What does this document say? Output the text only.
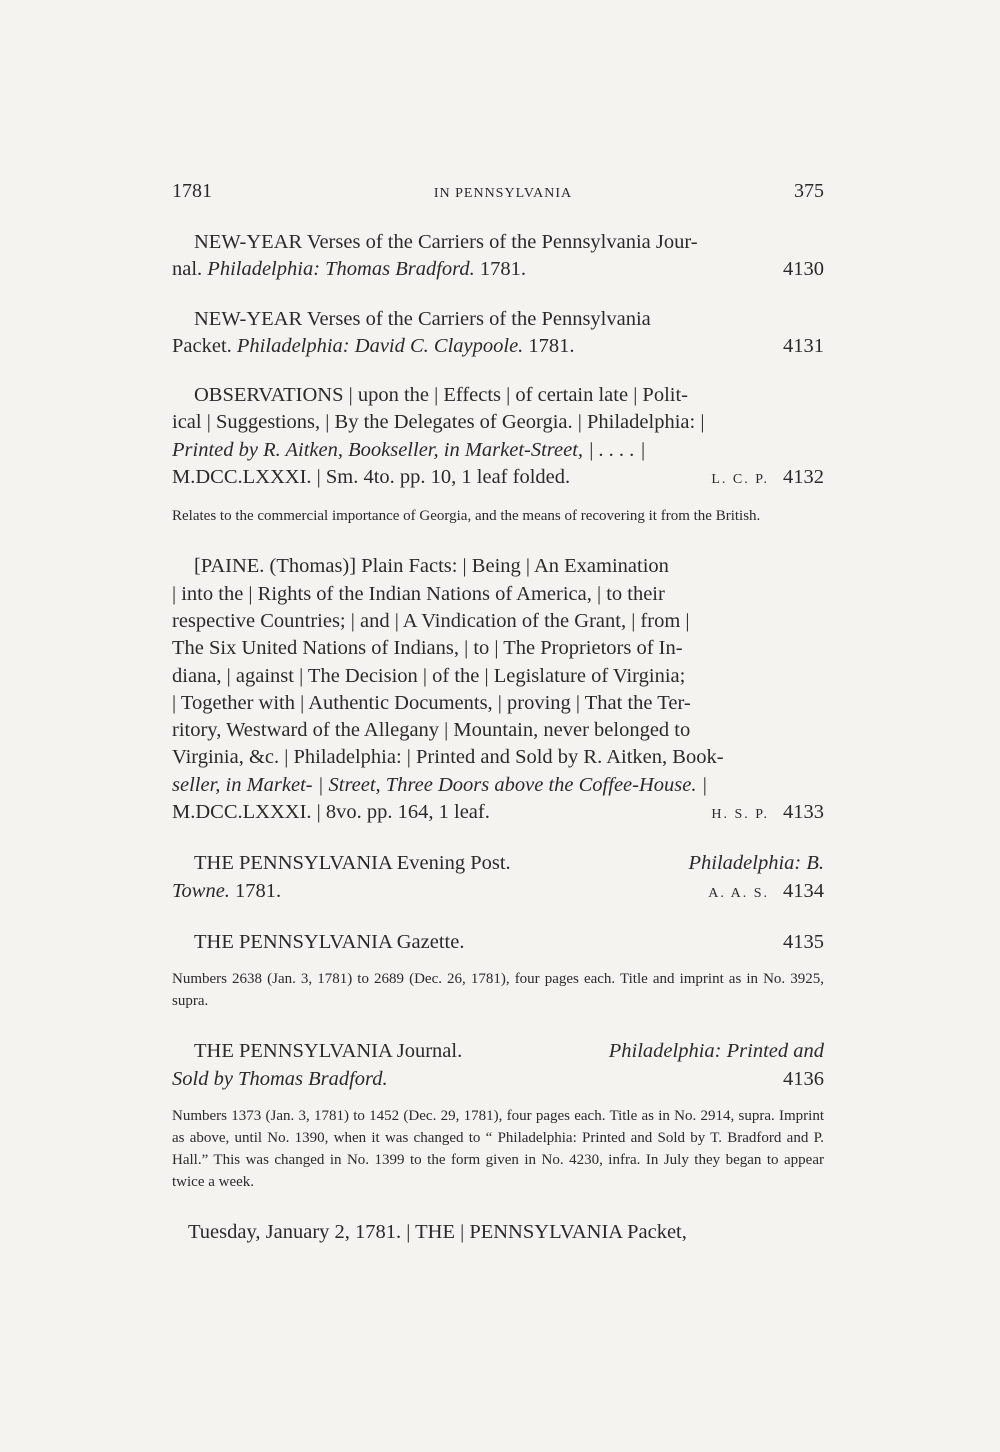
1781	IN PENNSYLVANIA	375
NEW-YEAR Verses of the Carriers of the Pennsylvania Jour-
nal. Philadelphia: Thomas Bradford. 1781.	4130
NEW-YEAR Verses of the Carriers of the Pennsylvania
Packet. Philadelphia: David C. Claypoole. 1781.	4131
OBSERVATIONS | upon the | Effects | of certain late | Polit-
ical | Suggestions, | By the Delegates of Georgia. | Philadelphia: |
Printed by R. Aitken, Bookseller, in Market-Street, | . . . . |
M.DCC.LXXXI. | Sm. 4to. pp. 10, 1 leaf folded.	L. C. P. 4132
Relates to the commercial importance of Georgia, and the means of recovering it from the British.
[PAINE. (Thomas)] Plain Facts: | Being | An Examination
| into the | Rights of the Indian Nations of America, | to their
respective Countries; | and | A Vindication of the Grant, | from |
The Six United Nations of Indians, | to | The Proprietors of In-
diana, | against | The Decision | of the | Legislature of Virginia;
| Together with | Authentic Documents, | proving | That the Ter-
ritory, Westward of the Allegany | Mountain, never belonged to
Virginia, &c. | Philadelphia: | Printed and Sold by R. Aitken, Book-
seller, in Market- | Street, Three Doors above the Coffee-House. |
M.DCC.LXXXI. | 8vo. pp. 164, 1 leaf.	H. S. P. 4133
THE PENNSYLVANIA Evening Post.	Philadelphia: B.
Towne. 1781.	A. A. S. 4134
THE PENNSYLVANIA Gazette.	4135
Numbers 2638 (Jan. 3, 1781) to 2689 (Dec. 26, 1781), four pages each. Title and imprint as in No. 3925, supra.
THE PENNSYLVANIA Journal.	Philadelphia: Printed and
Sold by Thomas Bradford.	4136
Numbers 1373 (Jan. 3, 1781) to 1452 (Dec. 29, 1781), four pages each. Title as in No. 2914, supra. Imprint as above, until No. 1390, when it was changed to “ Philadelphia: Printed and Sold by T. Bradford and P. Hall.” This was changed in No. 1399 to the form given in No. 4230, infra. In July they began to appear twice a week.
Tuesday, January 2, 1781. | THE | PENNSYLVANIA Packet,
